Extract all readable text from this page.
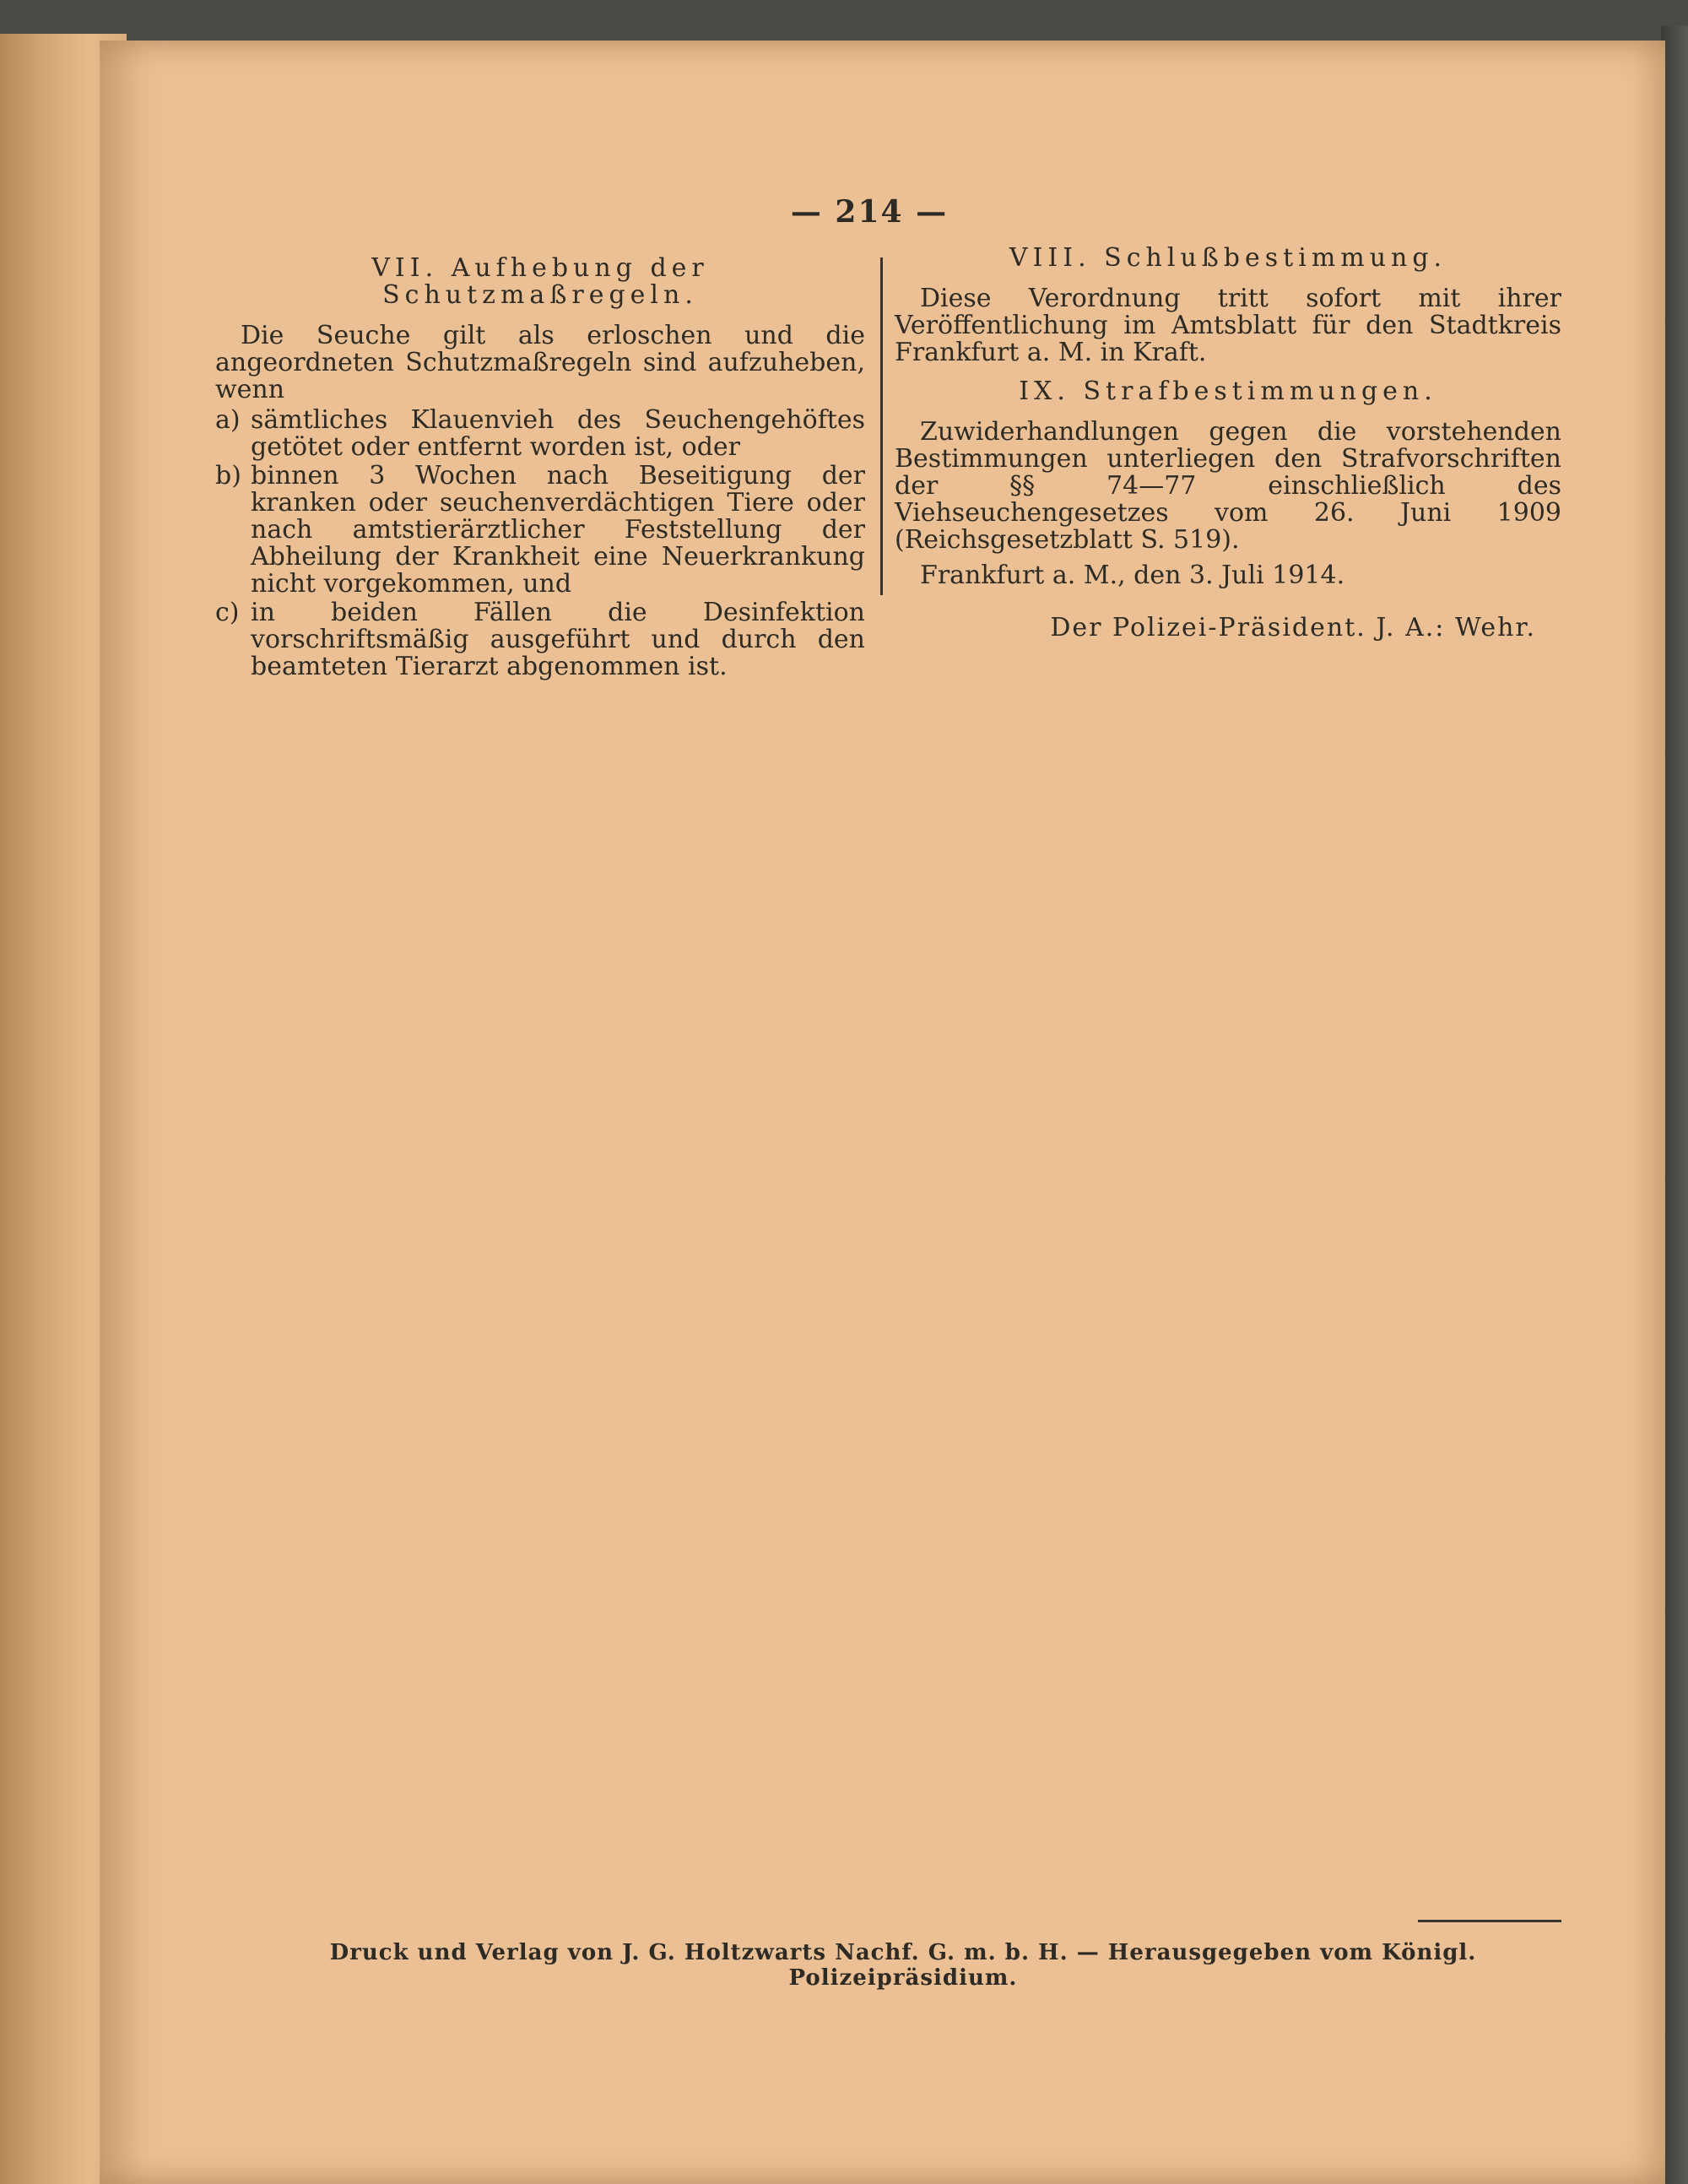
— 214 —

VII. Aufhebung der Schutzmaßregeln.

Die Seuche gilt als erloschen und die angeordneten Schutzmaßregeln sind aufzuheben, wenn

a) sämtliches Klauenvieh des Seuchengehöftes getötet oder entfernt worden ist, oder
b) binnen 3 Wochen nach Beseitigung der kranken oder seuchenverdächtigen Tiere oder nach amtstierärztlicher Feststellung der Abheilung der Krankheit eine Neuerkrankung nicht vorgekommen, und
c) in beiden Fällen die Desinfektion vorschriftsmäßig ausgeführt und durch den beamteten Tierarzt abgenommen ist.

VIII. Schlußbestimmung.

Diese Verordnung tritt sofort mit ihrer Veröffentlichung im Amtsblatt für den Stadtkreis Frankfurt a. M. in Kraft.

IX. Strafbestimmungen.

Zuwiderhandlungen gegen die vorstehenden Bestimmungen unterliegen den Strafvorschriften der §§ 74—77 einschließlich des Viehseuchengesetzes vom 26. Juni 1909 (Reichsgesetzblatt S. 519).

Frankfurt a. M., den 3. Juli 1914.

Der Polizei-Präsident. J. A.: Wehr.

Druck und Verlag von J. G. Holtzwarts Nachf. G. m. b. H. — Herausgegeben vom Königl. Polizeipräsidium.
